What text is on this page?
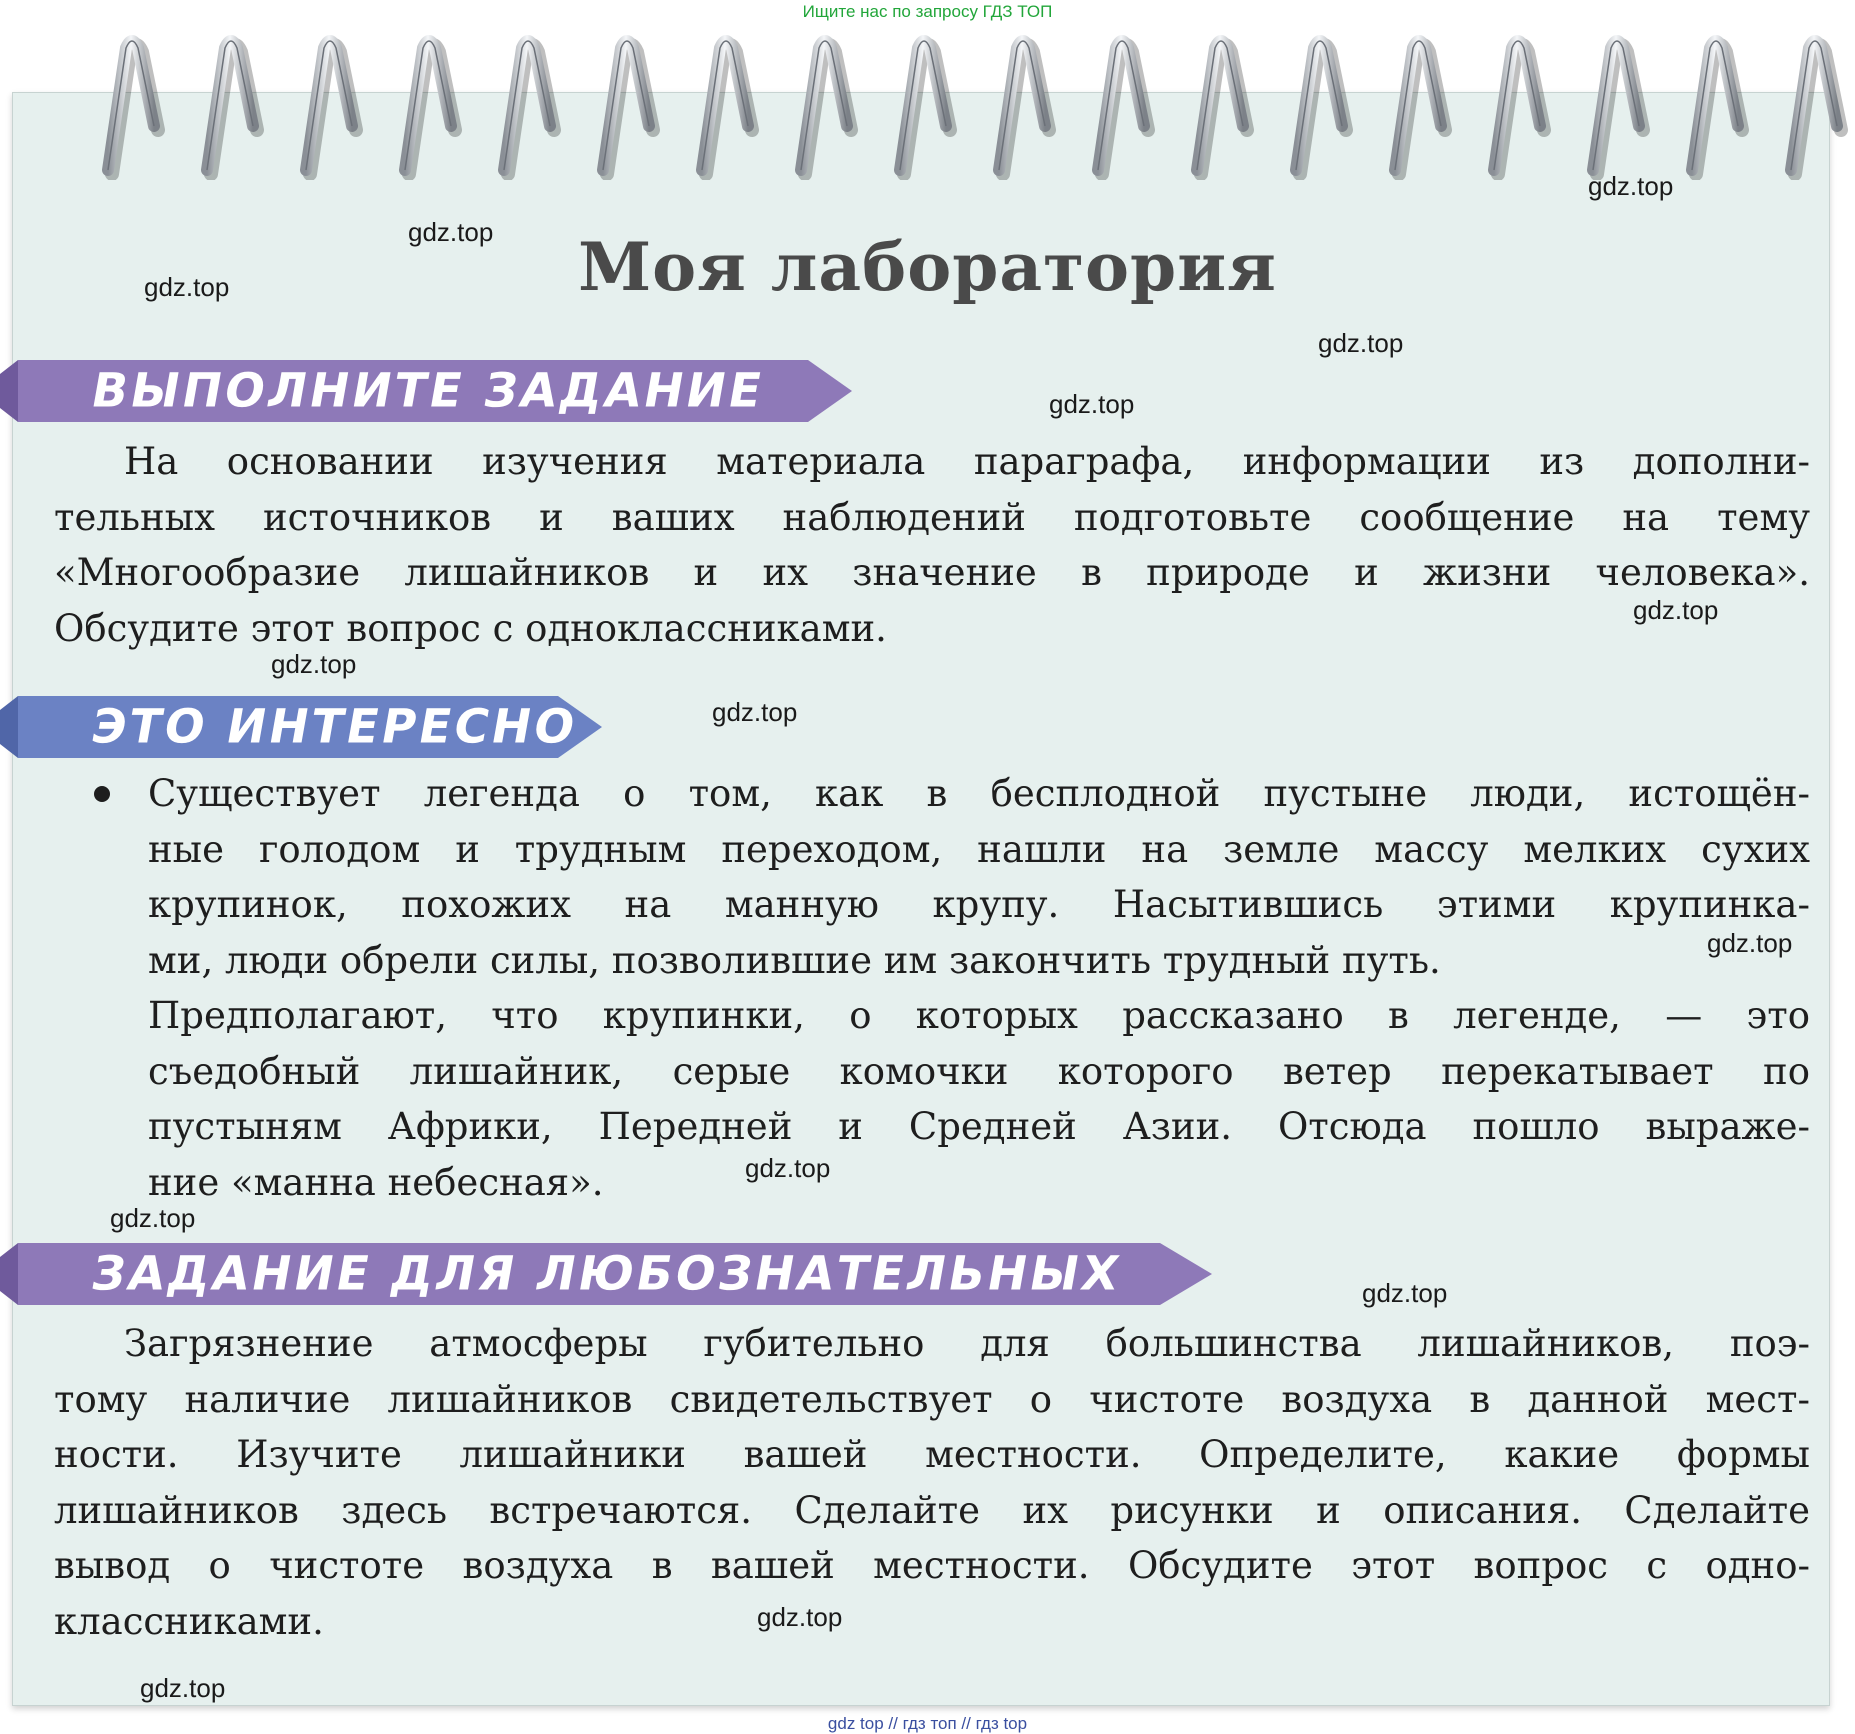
Ищите нас по запросу ГДЗ ТОП
Моя лаборатория
ВЫПОЛНИТЕ ЗАДАНИЕ
На основании изучения материала параграфа, информации из дополни-
тельных источников и ваших наблюдений подготовьте сообщение на тему
«Многообразие лишайников и их значение в природе и жизни человека».
Обсудите этот вопрос с одноклассниками.
ЭТО ИНТЕРЕСНО
Существует легенда о том, как в бесплодной пустыне люди, истощён-
ные голодом и трудным переходом, нашли на земле массу мелких сухих
крупинок, похожих на манную крупу. Насытившись этими крупинка-
ми, люди обрели силы, позволившие им закончить трудный путь.
Предполагают, что крупинки, о которых рассказано в легенде, — это
съедобный лишайник, серые комочки которого ветер перекатывает по
пустыням Африки, Передней и Средней Азии. Отсюда пошло выраже-
ние «манна небесная».
ЗАДАНИЕ ДЛЯ ЛЮБОЗНАТЕЛЬНЫХ
Загрязнение атмосферы губительно для большинства лишайников, поэ-
тому наличие лишайников свидетельствует о чистоте воздуха в данной мест-
ности. Изучите лишайники вашей местности. Определите, какие формы
лишайников здесь встречаются. Сделайте их рисунки и описания. Сделайте
вывод о чистоте воздуха в вашей местности. Обсудите этот вопрос с одно-
классниками.
gdz.top
gdz.top
gdz.top
gdz.top
gdz.top
gdz.top
gdz.top
gdz.top
gdz.top
gdz.top
gdz.top
gdz.top
gdz.top
gdz.top
gdz top // гдз топ // гдз top
